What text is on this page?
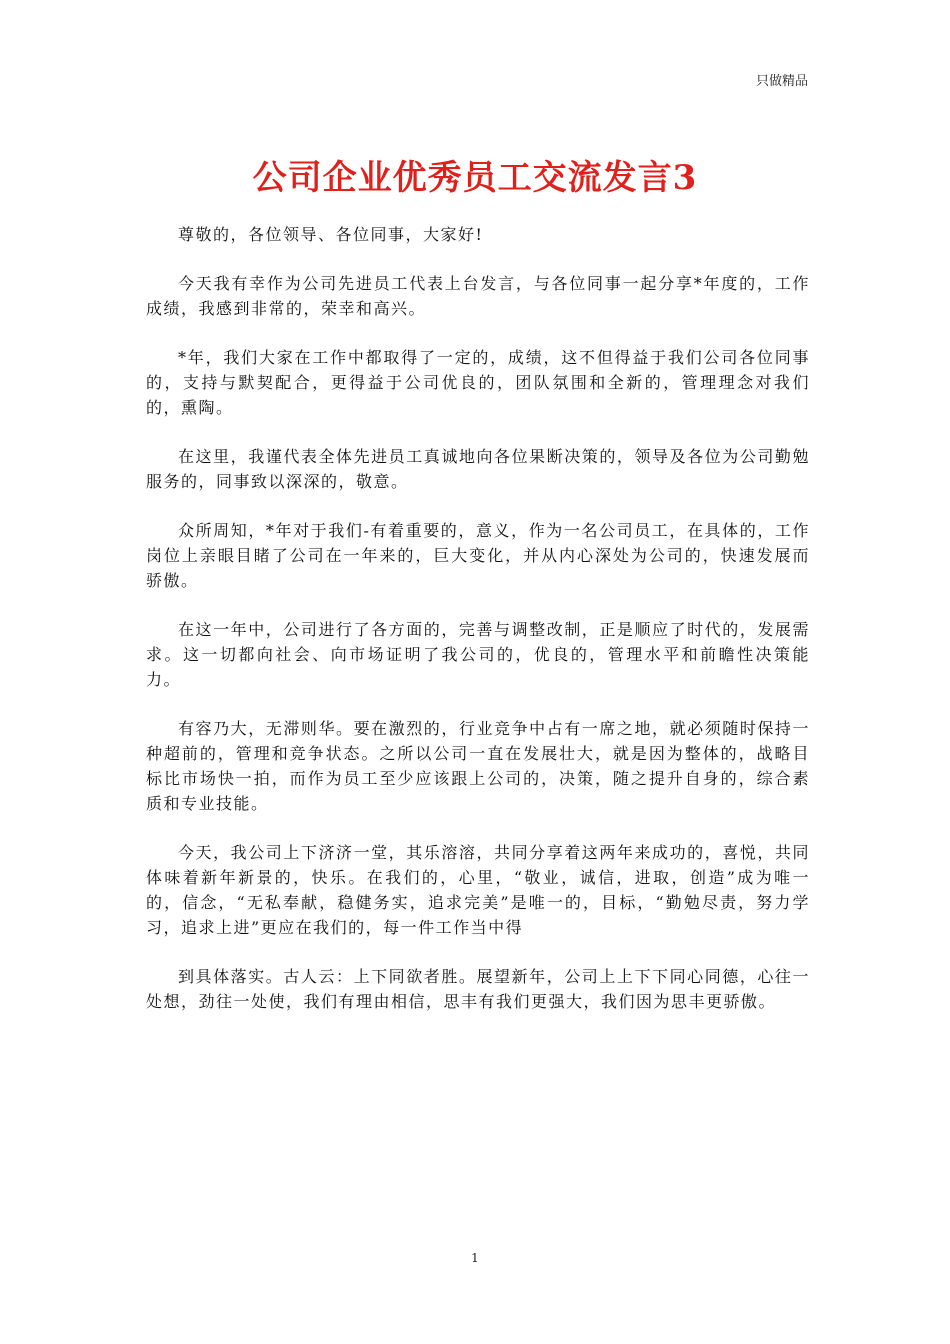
只做精品
公司企业优秀员工交流发言3

尊敬的，各位领导、各位同事，大家好!

今天我有幸作为公司先进员工代表上台发言，与各位同事一起分享*年度的，工作成绩，我感到非常的，荣幸和高兴。

*年，我们大家在工作中都取得了一定的，成绩，这不但得益于我们公司各位同事的，支持与默契配合，更得益于公司优良的，团队氛围和全新的，管理理念对我们的，熏陶。

在这里，我谨代表全体先进员工真诚地向各位果断决策的，领导及各位为公司勤勉服务的，同事致以深深的，敬意。

众所周知，*年对于我们-有着重要的，意义，作为一名公司员工，在具体的，工作岗位上亲眼目睹了公司在一年来的，巨大变化，并从内心深处为公司的，快速发展而骄傲。

在这一年中，公司进行了各方面的，完善与调整改制，正是顺应了时代的，发展需求。这一切都向社会、向市场证明了我公司的，优良的，管理水平和前瞻性决策能力。

有容乃大，无滞则华。要在激烈的，行业竞争中占有一席之地，就必须随时保持一种超前的，管理和竞争状态。之所以公司一直在发展壮大，就是因为整体的，战略目标比市场快一拍，而作为员工至少应该跟上公司的，决策，随之提升自身的，综合素质和专业技能。

今天，我公司上下济济一堂，其乐溶溶，共同分享着这两年来成功的，喜悦，共同体味着新年新景的，快乐。在我们的，心里，“敬业，诚信，进取，创造”成为唯一的，信念，“无私奉献，稳健务实，追求完美”是唯一的，目标，“勤勉尽责，努力学习，追求上进”更应在我们的，每一件工作当中得

到具体落实。古人云：上下同欲者胜。展望新年，公司上上下下同心同德，心往一处想，劲往一处使，我们有理由相信，思丰有我们更强大，我们因为思丰更骄傲。

1
